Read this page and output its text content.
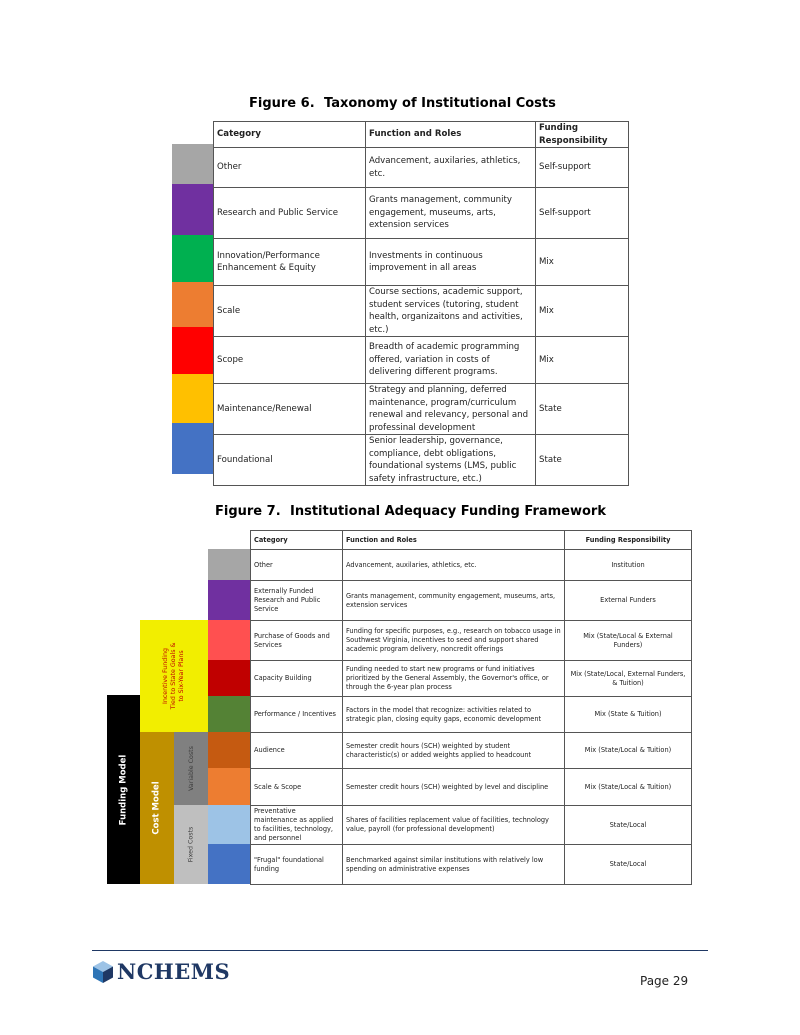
Figure 6. Taxonomy of Institutional Costs
Category	Function and Roles	Funding Responsibility
Other	Advancement, auxilaries, athletics, etc.	Self-support
Research and Public Service	Grants management, community engagement, museums, arts, extension services	Self-support
Innovation/Performance Enhancement & Equity	Investments in continuous improvement in all areas	Mix
Scale	Course sections, academic support, student services (tutoring, student health, organizaitons and activities, etc.)	Mix
Scope	Breadth of academic programming offered, variation in costs of delivering different programs.	Mix
Maintenance/Renewal	Strategy and planning, deferred maintenance, program/curriculum renewal and relevancy, personal and professinal development	State
Foundational	Senior leadership, governance, compliance, debt obligations, foundational systems (LMS, public safety infrastructure, etc.)	State
Figure 7. Institutional Adequacy Funding Framework
Funding Model
Incentive Funding Tied to State Goals & to Six-Year Plans
Cost Model
Variable Costs
Fixed Costs
Category	Function and Roles	Funding Responsibility
Other	Advancement, auxilaries, athletics, etc.	Institution
Externally Funded Research and Public Service	Grants management, community engagement, museums, arts, extension services	External Funders
Purchase of Goods and Services	Funding for specific purposes, e.g., research on tobacco usage in Southwest Virginia, incentives to seed and support shared academic program delivery, noncredit offerings	Mix (State/Local & External Funders)
Capacity Building	Funding needed to start new programs or fund initiatives prioritized by the General Assembly, the Governor's office, or through the 6-year plan process	Mix (State/Local, External Funders, & Tuition)
Performance / Incentives	Factors in the model that recognize: activities related to strategic plan, closing equity gaps, economic development	Mix (State & Tuition)
Audience	Semester credit hours (SCH) weighted by student characteristic(s) or added weights applied to headcount	Mix (State/Local & Tuition)
Scale & Scope	Semester credit hours (SCH) weighted by level and discipline	Mix (State/Local & Tuition)
Preventative maintenance as applied to facilities, technology, and personnel	Shares of facilities replacement value of facilities, technology value, payroll (for professional development)	State/Local
"Frugal" foundational funding	Benchmarked against similar institutions with relatively low spending on administrative expenses	State/Local
NCHEMS	Page 29
